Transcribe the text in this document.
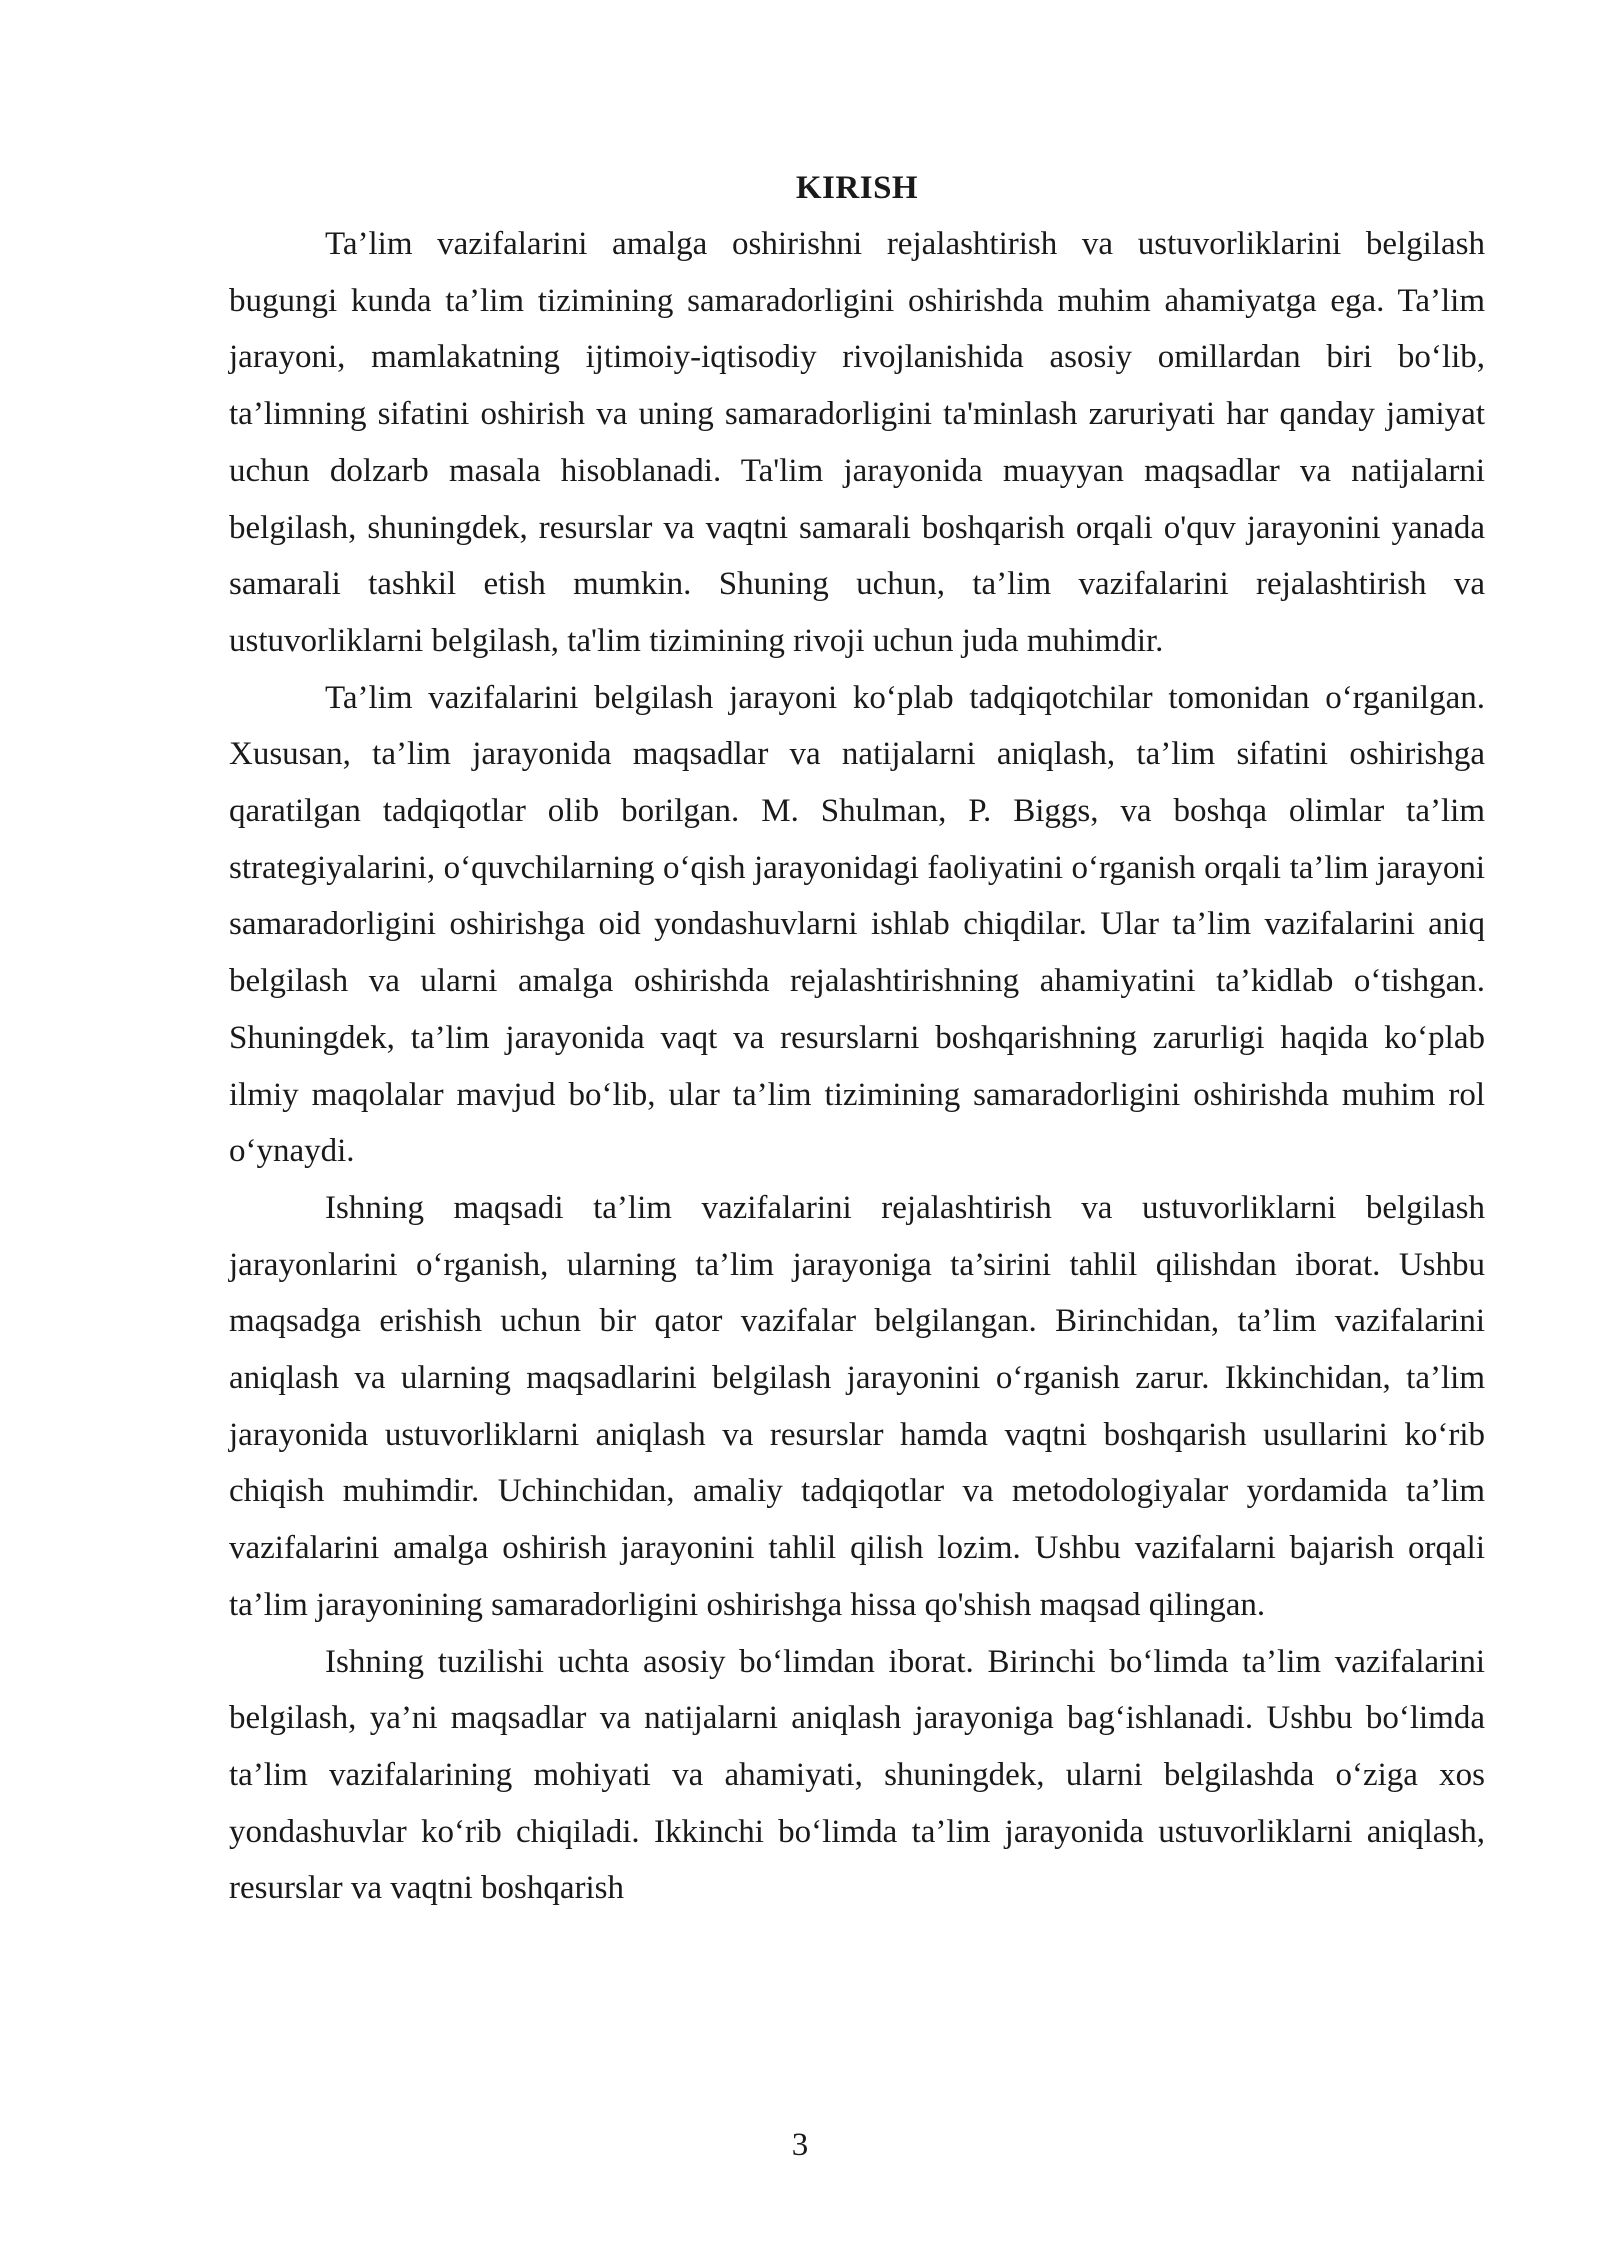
KIRISH

Ta’lim vazifalarini amalga oshirishni rejalashtirish va ustuvorliklarini belgilash bugungi kunda ta’lim tizimining samaradorligini oshirishda muhim ahamiyatga ega. Ta’lim jarayoni, mamlakatning ijtimoiy-iqtisodiy rivojlanishida asosiy omillardan biri bo‘lib, ta’limning sifatini oshirish va uning samaradorligini ta'minlash zaruriyati har qanday jamiyat uchun dolzarb masala hisoblanadi. Ta'lim jarayonida muayyan maqsadlar va natijalarni belgilash, shuningdek, resurslar va vaqtni samarali boshqarish orqali o'quv jarayonini yanada samarali tashkil etish mumkin. Shuning uchun, ta’lim vazifalarini rejalashtirish va ustuvorliklarni belgilash, ta'lim tizimining rivoji uchun juda muhimdir.

Ta’lim vazifalarini belgilash jarayoni ko‘plab tadqiqotchilar tomonidan o‘rganilgan. Xususan, ta’lim jarayonida maqsadlar va natijalarni aniqlash, ta’lim sifatini oshirishga qaratilgan tadqiqotlar olib borilgan. M. Shulman, P. Biggs, va boshqa olimlar ta’lim strategiyalarini, o‘quvchilarning o‘qish jarayonidagi faoliyatini o‘rganish orqali ta’lim jarayoni samaradorligini oshirishga oid yondashuvlarni ishlab chiqdilar. Ular ta’lim vazifalarini aniq belgilash va ularni amalga oshirishda rejalashtirishning ahamiyatini ta’kidlab o‘tishgan. Shuningdek, ta’lim jarayonida vaqt va resurslarni boshqarishning zarurligi haqida ko‘plab ilmiy maqolalar mavjud bo‘lib, ular ta’lim tizimining samaradorligini oshirishda muhim rol o‘ynaydi.

Ishning maqsadi ta’lim vazifalarini rejalashtirish va ustuvorliklarni belgilash jarayonlarini o‘rganish, ularning ta’lim jarayoniga ta’sirini tahlil qilishdan iborat. Ushbu maqsadga erishish uchun bir qator vazifalar belgilangan. Birinchidan, ta’lim vazifalarini aniqlash va ularning maqsadlarini belgilash jarayonini o‘rganish zarur. Ikkinchidan, ta’lim jarayonida ustuvorliklarni aniqlash va resurslar hamda vaqtni boshqarish usullarini ko‘rib chiqish muhimdir. Uchinchidan, amaliy tadqiqotlar va metodologiyalar yordamida ta’lim vazifalarini amalga oshirish jarayonini tahlil qilish lozim. Ushbu vazifalarni bajarish orqali ta’lim jarayonining samaradorligini oshirishga hissa qo'shish maqsad qilingan.

Ishning tuzilishi uchta asosiy bo‘limdan iborat. Birinchi bo‘limda ta’lim vazifalarini belgilash, ya’ni maqsadlar va natijalarni aniqlash jarayoniga bag‘ishlanadi. Ushbu bo‘limda ta’lim vazifalarining mohiyati va ahamiyati, shuningdek, ularni belgilashda o‘ziga xos yondashuvlar ko‘rib chiqiladi. Ikkinchi bo‘limda ta’lim jarayonida ustuvorliklarni aniqlash, resurslar va vaqtni boshqarish

3
